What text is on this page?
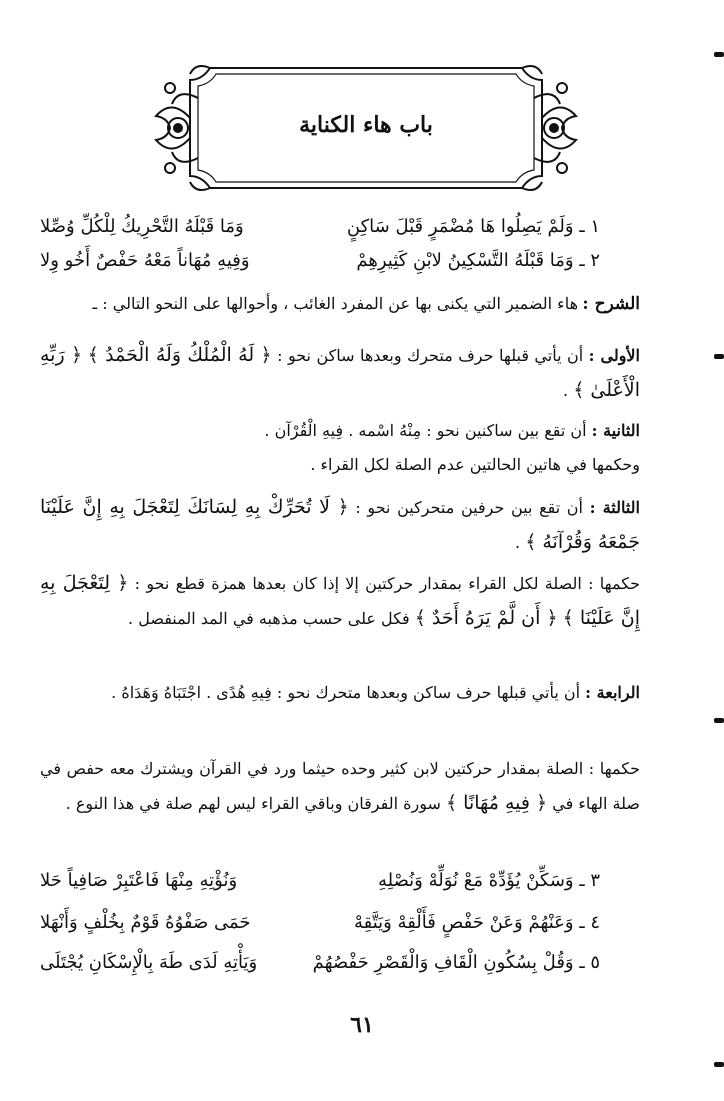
باب هاء الكناية
١ ـ وَلَمْ يَصِلُوا هَا مُضْمَرٍ قَبْلَ سَاكِنٍ
وَمَا قَبْلَهُ التَّحْرِيكُ لِلْكُلِّ وُصِّلا
٢ ـ وَمَا قَبْلَهُ التَّسْكِينُ لابْنِ كَثِيرِهِمْ
وَفِيهِ مُهَاناً مَعْهُ حَفْصٌ أَخُو وِلا
الشرح :
هاء الضمير التي يكنى بها عن المفرد الغائب ، وأحوالها على النحو التالي : ـ
الأولى : أن يأتي قبلها حرف متحرك وبعدها ساكن نحو : ﴿ لَهُ الْمُلْكُ وَلَهُ الْحَمْدُ ﴾ ﴿ رَبِّهِ الْأَعْلَىٰ ﴾ .
الثانية : أن تقع بين ساكنين نحو : مِنْهُ اسْمه . فِيهِ الْقُرْآن .
وحكمها في هاتين الحالتين عدم الصلة لكل القراء .
الثالثة : أن تقع بين حرفين متحركين نحو : ﴿ لَا تُحَرِّكْ بِهِ لِسَانَكَ لِتَعْجَلَ بِهِ إِنَّ عَلَيْنَا جَمْعَهُ وَقُرْآنَهُ ﴾ .
حكمها : الصلة لكل القراء بمقدار حركتين إلا إذا كان بعدها همزة قطع نحو : ﴿ لِتَعْجَلَ بِهِ إِنَّ عَلَيْنَا ﴾ ﴿ أَن لَّمْ يَرَهُ أَحَدٌ ﴾ فكل على حسب مذهبه في المد المنفصل .
الرابعة : أن يأتي قبلها حرف ساكن وبعدها متحرك نحو : فِيهِ هُدًى . اجْتَبَاهُ وَهَدَاهُ .
حكمها : الصلة بمقدار حركتين لابن كثير وحده حيثما ورد في القرآن ويشترك معه حفص في صلة الهاء في ﴿ فِيهِ مُهَانًا ﴾ سورة الفرقان وباقي القراء ليس لهم صلة في هذا النوع .
٣ ـ وَسَكِّنْ يُؤَدِّهْ مَعْ نُوَلِّهْ وَنُصْلِهِ
وَنُؤْتِهِ مِنْهَا فَاعْتَبِرْ صَافِياً حَلا
٤ ـ وَعَنْهُمْ وَعَنْ حَفْصٍ فَأَلْقِهْ وَيَتَّقِهْ
حَمَى صَفْوُهُ قَوْمٌ بِخُلْفٍ وَأَنْهَلا
٥ ـ وَقُلْ بِسُكُونِ الْقَافِ وَالْقَصْرِ حَفْصُهُمْ
وَيَأْتِهِ لَدَى طَهَ بِالْإِسْكَانِ يُجْتَلَى
٦١
